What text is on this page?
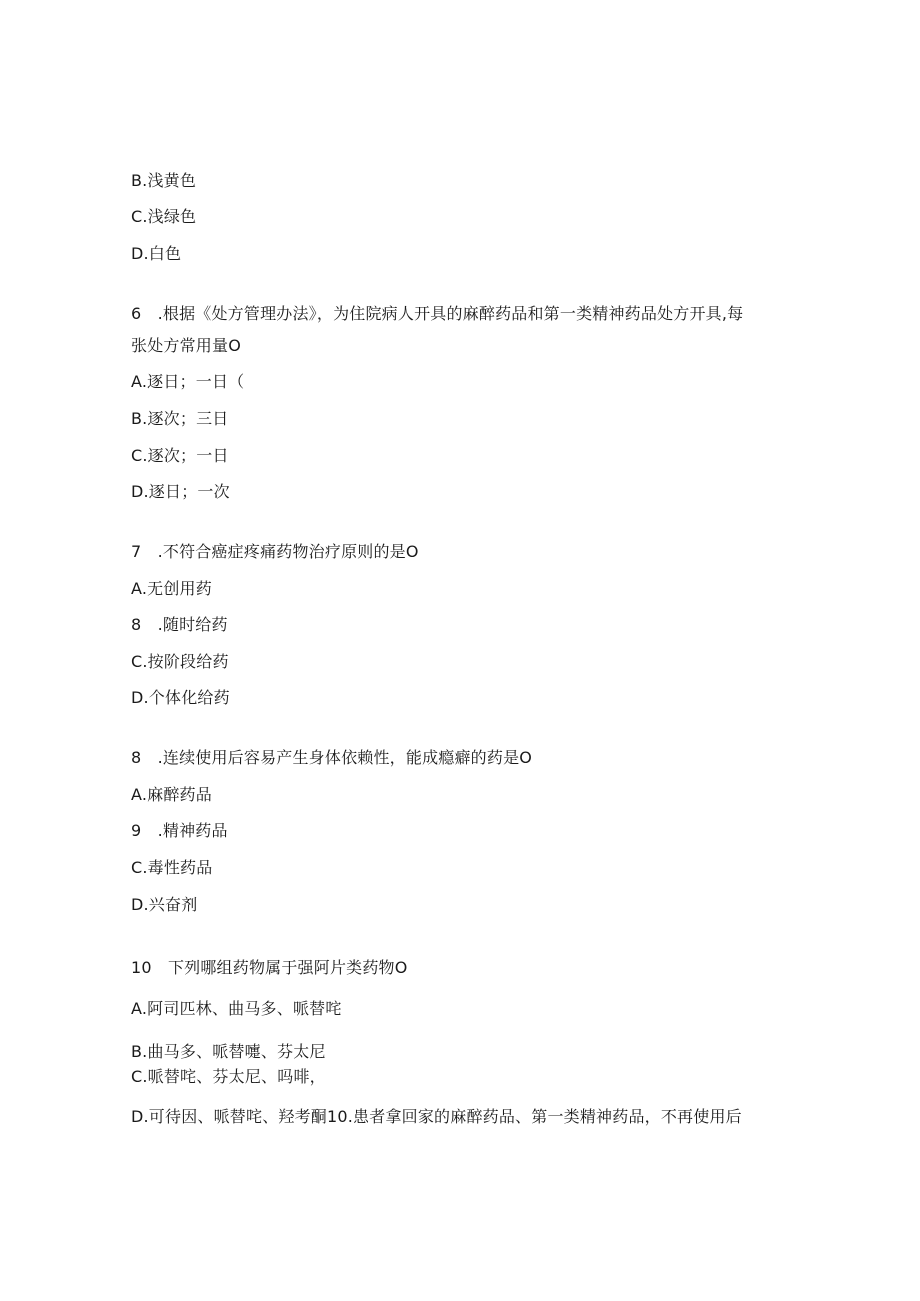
B.浅黄色
C.浅绿色
D.白色
6　.根据《处方管理办法》，为住院病人开具的麻醉药品和第一类精神药品处方开具,每
张处方常用量O
A.逐日；一日（
B.逐次；三日
C.逐次；一日
D.逐日；一次
7　.不符合癌症疼痛药物治疗原则的是O
A.无创用药
8　.随时给药
C.按阶段给药
D.个体化给药
8　.连续使用后容易产生身体依赖性，能成瘾癖的药是O
A.麻醉药品
9　.精神药品
C.毒性药品
D.兴奋剂
10　下列哪组药物属于强阿片类药物O
A.阿司匹林、曲马多、哌替咤
B.曲马多、哌替嚏、芬太尼
C.哌替咤、芬太尼、吗啡，
D.可待因、哌替咤、羟考酮10.患者拿回家的麻醉药品、第一类精神药品，不再使用后
